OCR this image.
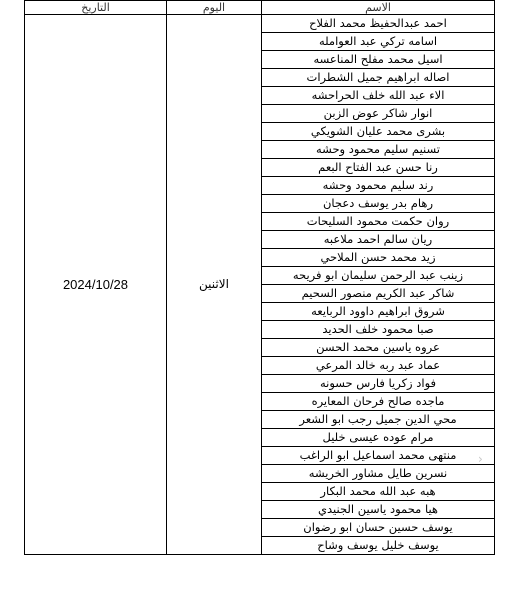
الاسم	اليوم	التاريخ
احمد عبدالحفيظ محمد الفلاح	الاثنين	2024/10/28
اسامه تركي عبد العوامله		
اسيل محمد مفلح المناعسه		
اصاله ابراهيم جميل الشطرات		
الاء عبد الله خلف الحراحشه		
انوار شاكر عوض الزبن		
بشرى محمد عليان الشويكي		
تسنيم سليم محمود وحشه		
رنا حسن عبد الفتاح البعم		
رند سليم محمود وحشه		
رهام بدر يوسف دعجان		
روان حكمت محمود السليحات		
ريان سالم احمد ملاعبه		
زيد محمد حسن الملاحي		
زينب عبد الرحمن سليمان ابو فريحه		
شاكر عبد الكريم منصور السحيم		
شروق ابراهيم داوود الربايعه		
صبا محمود خلف الحديد		
عروه ياسين محمد الحسن		
عماد عبد ربه خالد المرعي		
فواد زكريا فارس حسونه		
ماجده صالح فرحان المعايره		
محي الدين جميل رجب ابو الشعر		
مرام عوده عيسى خليل		
منتهى محمد اسماعيل ابو الراغب		
نسرين طايل مشاور الخريشه		
هبه عبد الله محمد البكار		
هيا محمود ياسين الجنيدي		
يوسف حسين حسان ابو رضوان		
يوسف خليل يوسف وشاح		
›
